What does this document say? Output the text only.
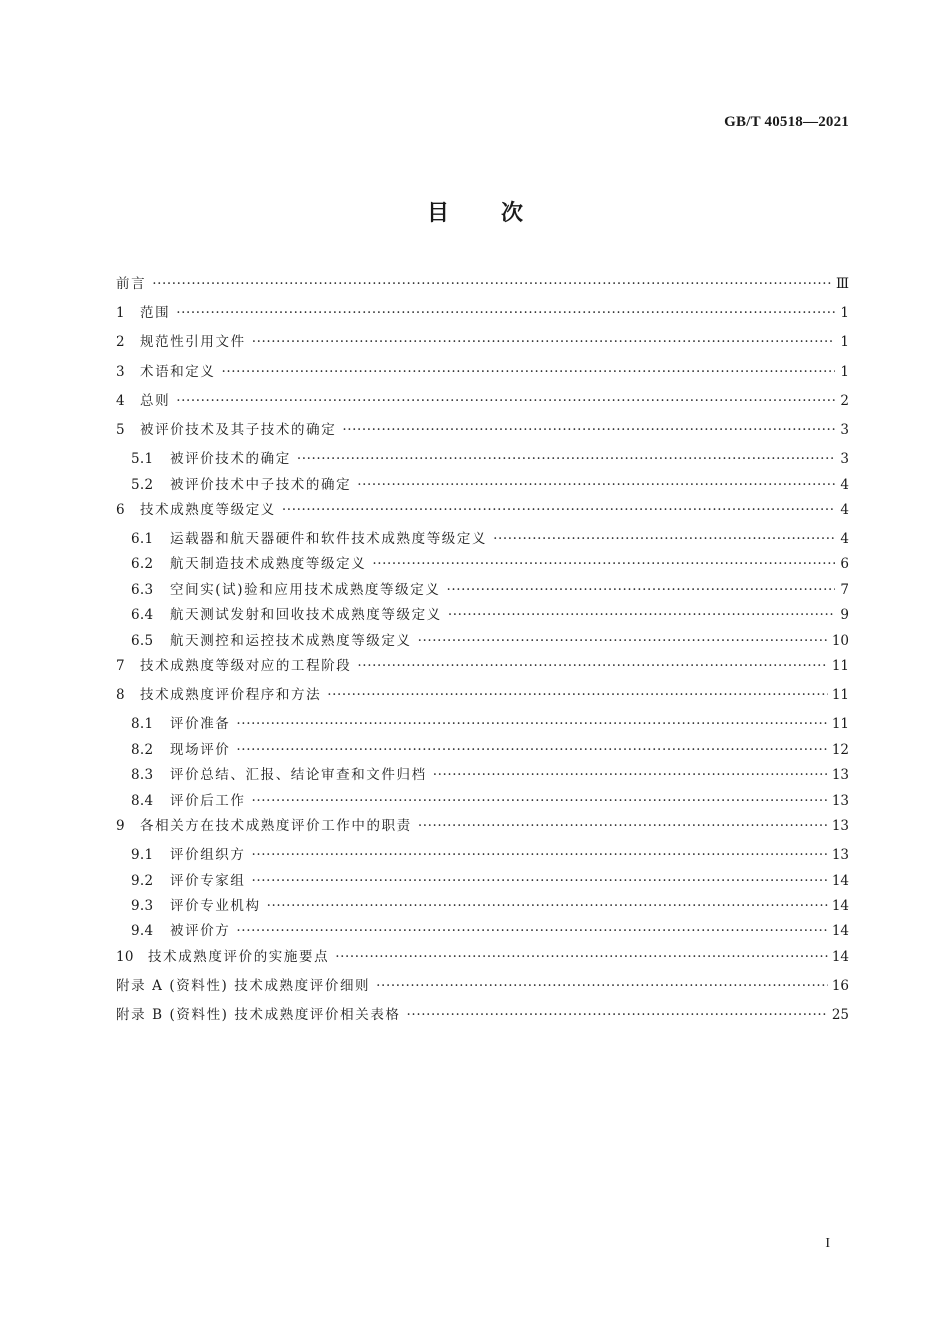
GB/T 40518—2021
目次
前言 ·····	Ⅲ
1	范围 ·····	1
2	规范性引用文件 ·····	1
3	术语和定义 ·····	1
4	总则 ·····	2
5	被评价技术及其子技术的确定 ·····	3
5.1	被评价技术的确定 ·····	3
5.2	被评价技术中子技术的确定 ·····	4
6	技术成熟度等级定义 ·····	4
6.1	运载器和航天器硬件和软件技术成熟度等级定义 ·····	4
6.2	航天制造技术成熟度等级定义 ·····	6
6.3	空间实(试)验和应用技术成熟度等级定义 ·····	7
6.4	航天测试发射和回收技术成熟度等级定义 ·····	9
6.5	航天测控和运控技术成熟度等级定义 ·····	10
7	技术成熟度等级对应的工程阶段 ·····	11
8	技术成熟度评价程序和方法 ·····	11
8.1	评价准备 ·····	11
8.2	现场评价 ·····	12
8.3	评价总结、汇报、结论审查和文件归档 ·····	13
8.4	评价后工作 ·····	13
9	各相关方在技术成熟度评价工作中的职责 ·····	13
9.1	评价组织方 ·····	13
9.2	评价专家组 ·····	14
9.3	评价专业机构 ·····	14
9.4	被评价方 ·····	14
10	技术成熟度评价的实施要点 ·····	14
附录 A (资料性) 技术成熟度评价细则 ·····	16
附录 B (资料性) 技术成熟度评价相关表格 ·····	25
I
